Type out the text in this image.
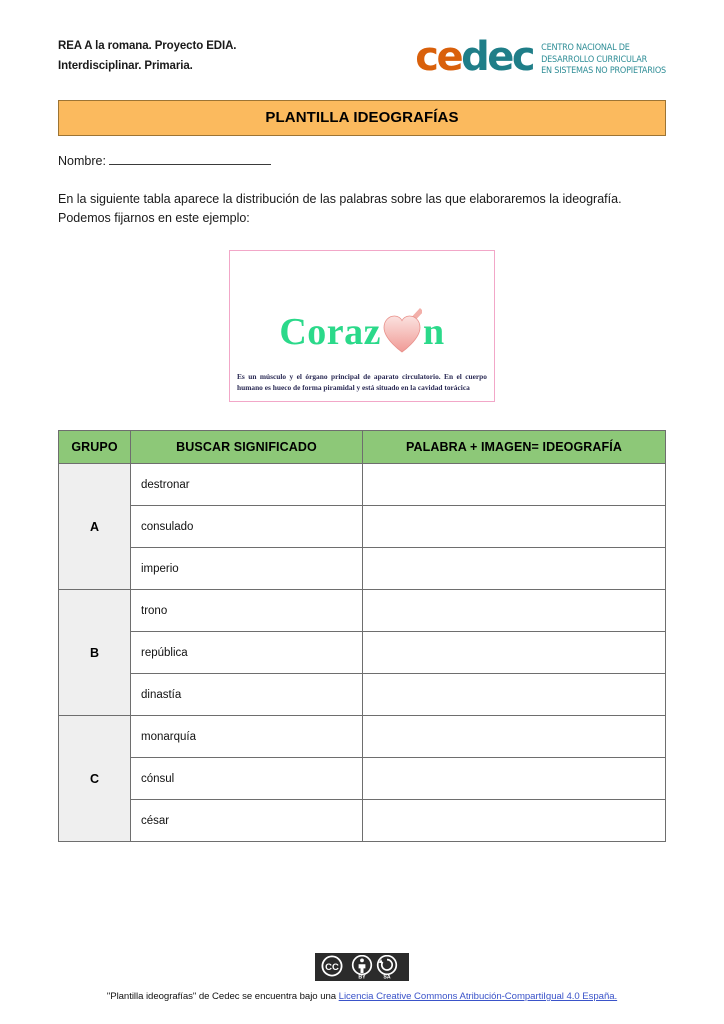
REA A la romana. Proyecto EDIA.
Interdisciplinar. Primaria.	cedec CENTRO NACIONAL DE
DESARROLLO CURRICULAR
EN SISTEMAS NO PROPIETARIOS
PLANTILLA IDEOGRAFÍAS
Nombre:
En la siguiente tabla aparece la distribución de las palabras sobre las que elaboraremos la ideografía. Podemos fijarnos en este ejemplo:
Coraz n
Es un músculo y el órgano principal de aparato circulatorio. En el cuerpo humano es hueco de forma piramidal y está situado en la cavidad torácica
GRUPO	BUSCAR SIGNIFICADO	PALABRA + IMAGEN= IDEOGRAFÍA
A	destronar	
	consulado	
	imperio	
B	trono	
	república	
	dinastía	
C	monarquía	
	cónsul	
	césar	
CC
BY	SA
"Plantilla ideografías" de Cedec se encuentra bajo una Licencia Creative Commons Atribución-CompartiIgual 4.0 España.
